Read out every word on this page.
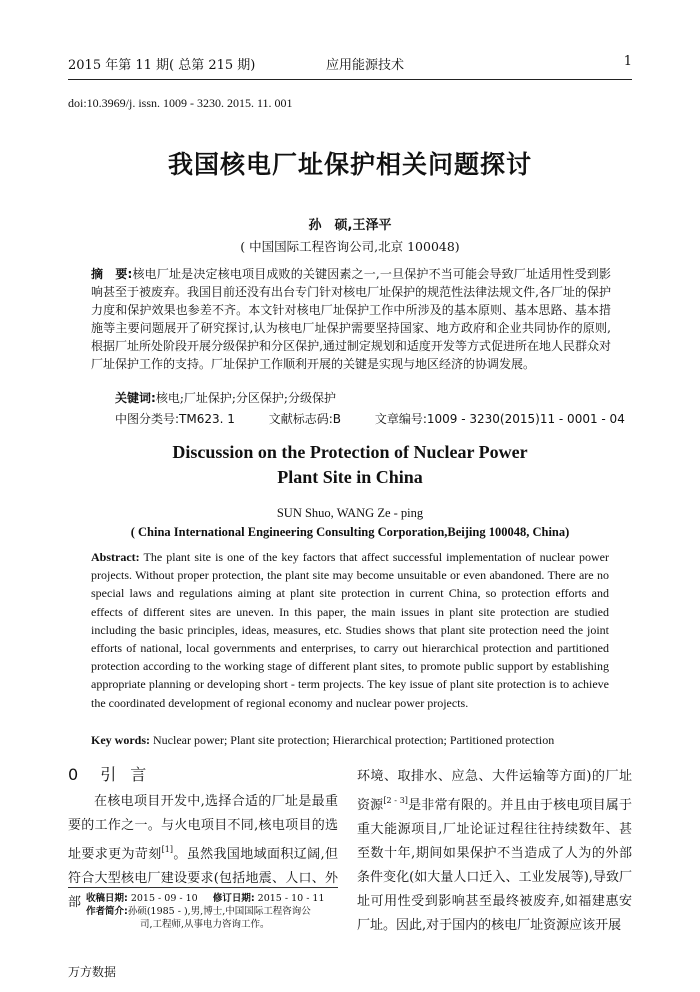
2015 年第 11 期( 总第 215 期)	应用能源技术	1
doi:10.3969/j. issn. 1009 - 3230. 2015. 11. 001
我国核电厂址保护相关问题探讨
孙　硕,王泽平
( 中国国际工程咨询公司,北京 100048)
摘　要:核电厂址是决定核电项目成败的关键因素之一,一旦保护不当可能会导致厂址适用性受到影响甚至于被废弃。我国目前还没有出台专门针对核电厂址保护的规范性法律法规文件,各厂址的保护力度和保护效果也参差不齐。本文针对核电厂址保护工作中所涉及的基本原则、基本思路、基本措施等主要问题展开了研究探讨,认为核电厂址保护需要坚持国家、地方政府和企业共同协作的原则,根据厂址所处阶段开展分级保护和分区保护,通过制定规划和适度开发等方式促进所在地人民群众对厂址保护工作的支持。厂址保护工作顺利开展的关键是实现与地区经济的协调发展。
关键词:核电;厂址保护;分区保护;分级保护
中图分类号:TM623. 1	文献标志码:B	文章编号:1009 - 3230(2015)11 - 0001 - 04
Discussion on the Protection of Nuclear Power
Plant Site in China
SUN Shuo, WANG Ze - ping
( China International Engineering Consulting Corporation,Beijing 100048, China)
Abstract: The plant site is one of the key factors that affect successful implementation of nuclear power projects. Without proper protection, the plant site may become unsuitable or even abandoned. There are no special laws and regulations aiming at plant site protection in current China, so protection efforts and effects of different sites are uneven. In this paper, the main issues in plant site protection are studied including the basic principles, ideas, measures, etc. Studies shows that plant site protection need the joint efforts of national, local governments and enterprises, to carry out hierarchical protection and partitioned protection according to the working stage of different plant sites, to promote public support by establishing appropriate planning or developing short - term projects. The key issue of plant site protection is to achieve the coordinated development of regional economy and nuclear power projects.
Key words: Nuclear power; Plant site protection; Hierarchical protection; Partitioned protection
0 引言

在核电项目开发中,选择合适的厂址是最重要的工作之一。与火电项目不同,核电项目的选址要求更为苛刻[1]。虽然我国地域面积辽阔,但符合大型核电厂建设要求(包括地震、人口、外部

环境、取排水、应急、大件运输等方面)的厂址资源[2 - 3]是非常有限的。并且由于核电项目属于重大能源项目,厂址论证过程往往持续数年、甚至数十年,期间如果保护不当造成了人为的外部条件变化(如大量人口迁入、工业发展等),导致厂址可用性受到影响甚至最终被废弃,如福建惠安厂址。因此,对于国内的核电厂址资源应该开展

收稿日期: 2015 - 09 - 10 修订日期: 2015 - 10 - 11
作者简介:孙硕(1985 - ),男,博士,中国国际工程咨询公
司,工程师,从事电力咨询工作。
万方数据
